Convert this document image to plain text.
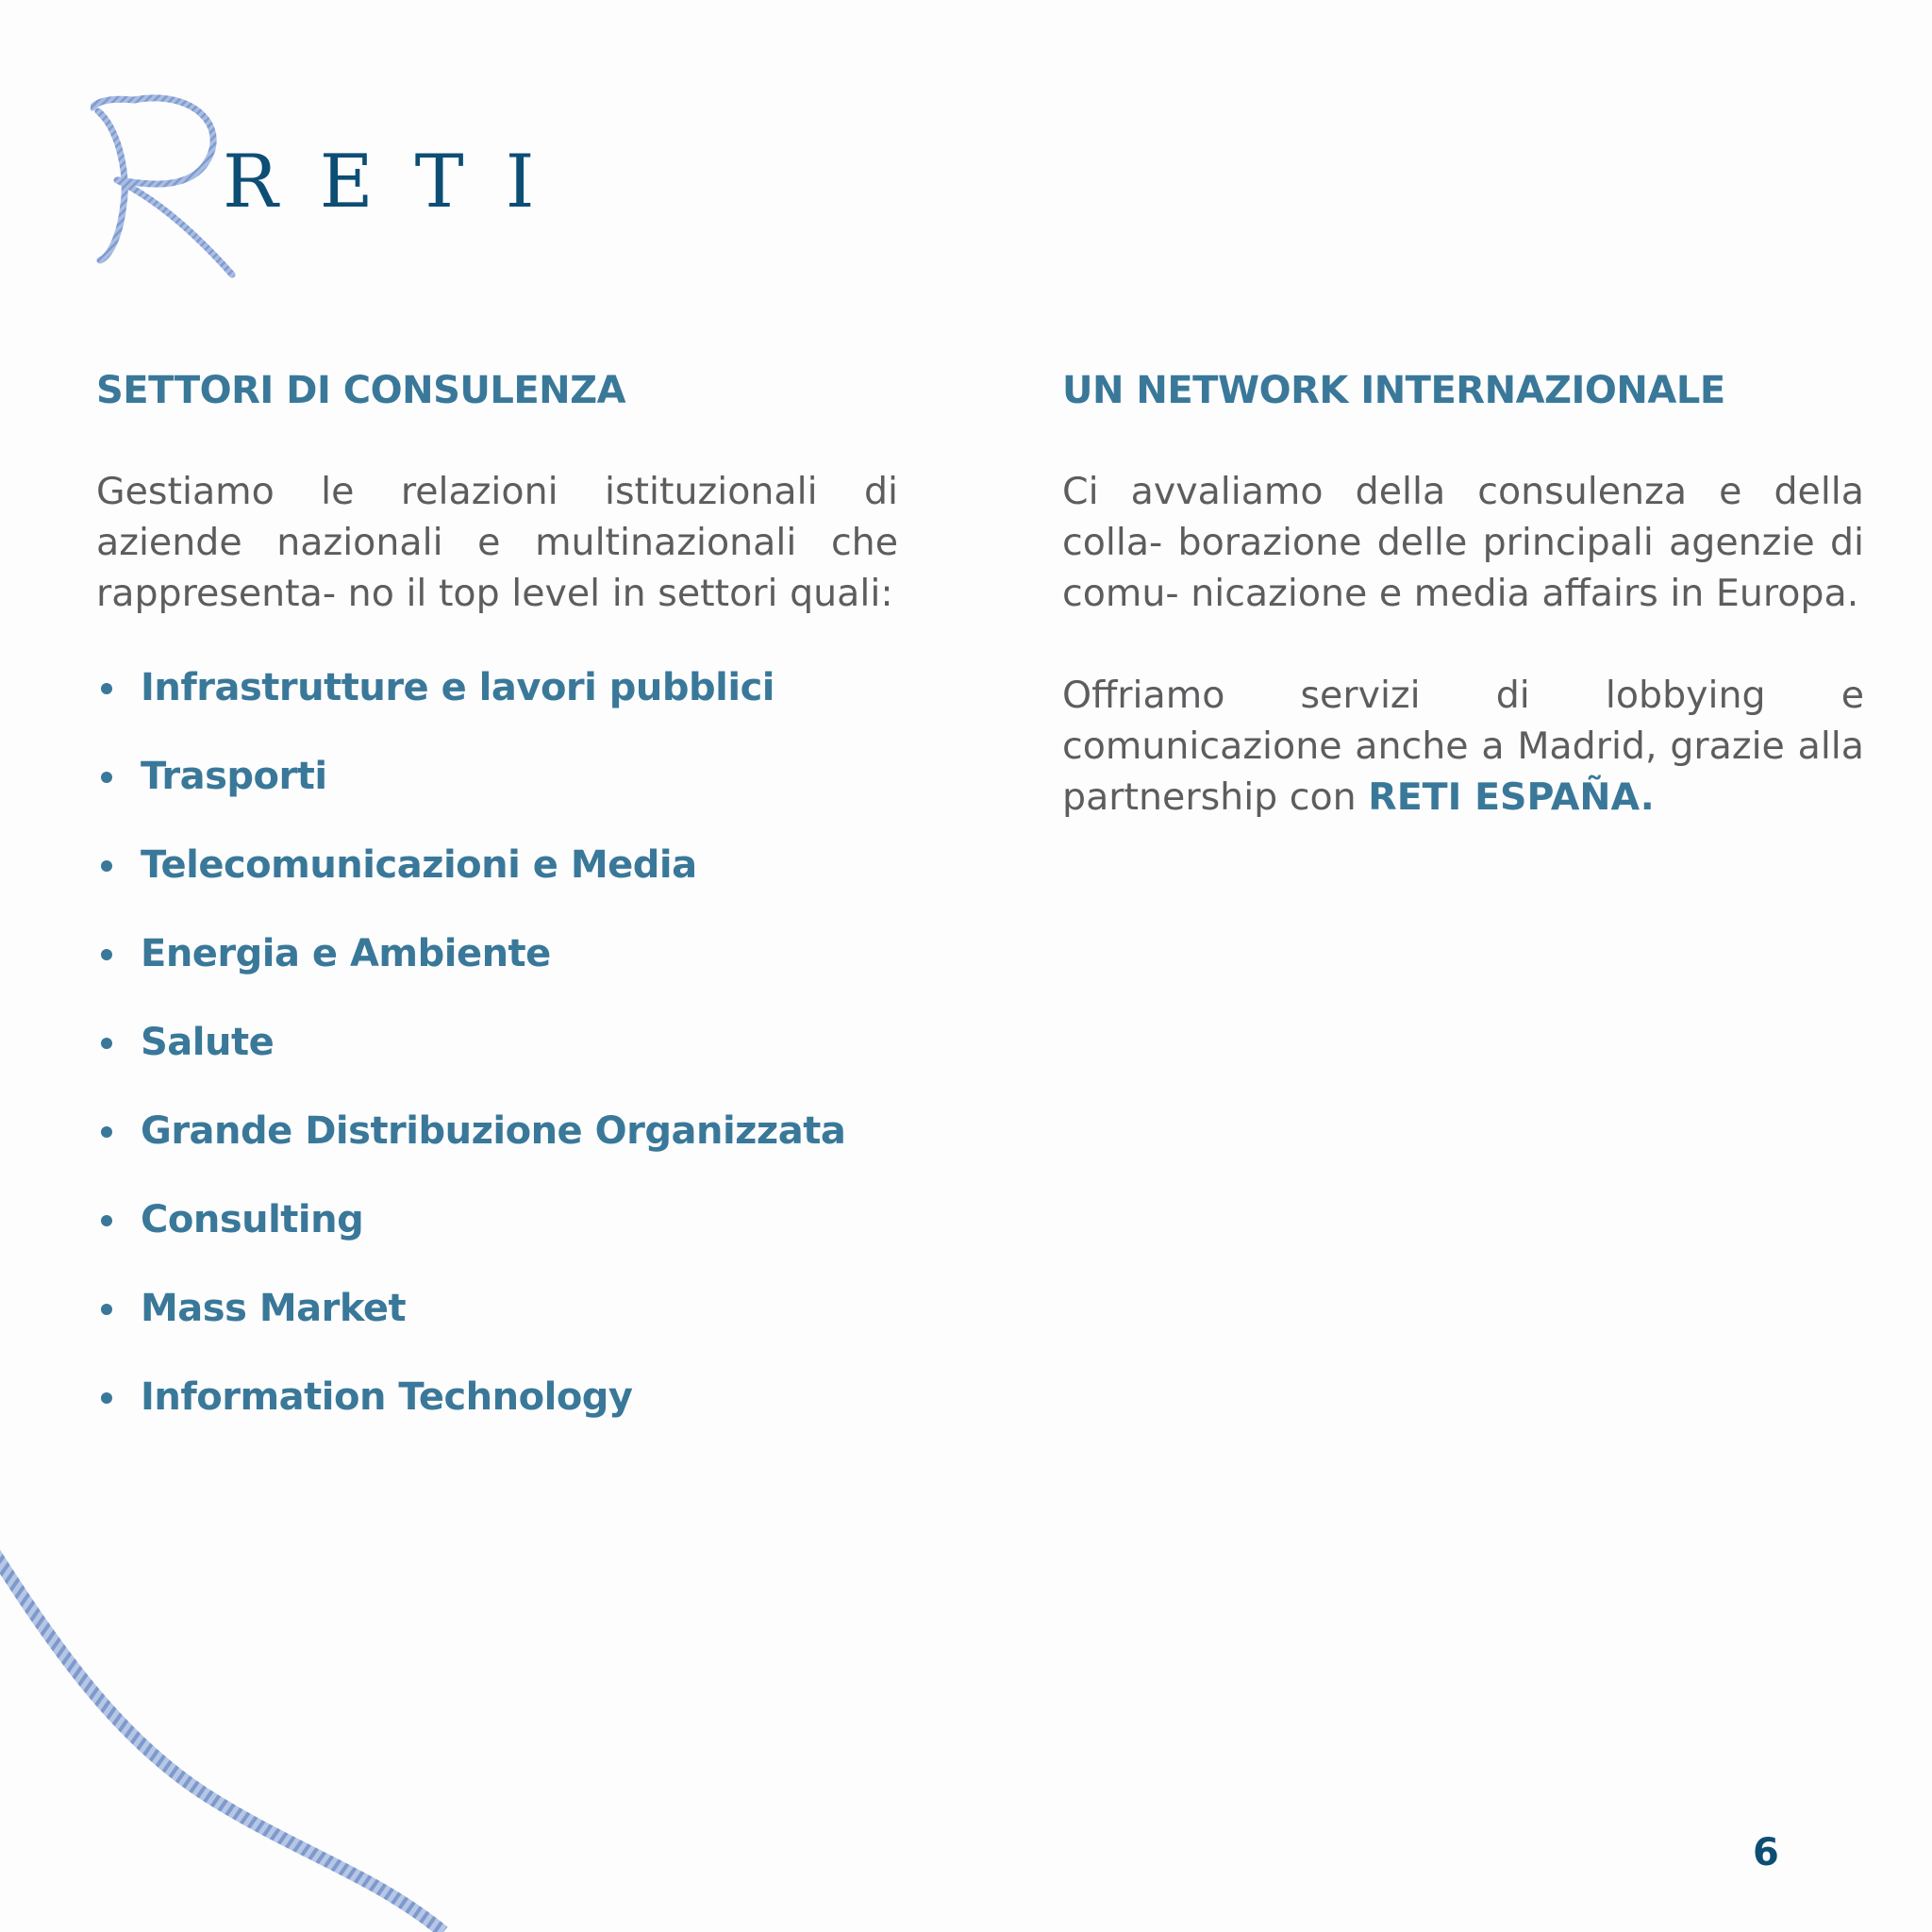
RETI
SETTORI DI CONSULENZA

Gestiamo le relazioni istituzionali di aziende nazionali e multinazionali che rappresenta- no il top level in settori quali:

Infrastrutture e lavori pubblici
Trasporti
Telecomunicazioni e Media
Energia e Ambiente
Salute
Grande Distribuzione Organizzata
Consulting
Mass Market
Information Technology
UN NETWORK INTERNAZIONALE

Ci avvaliamo della consulenza e della colla- borazione delle principali agenzie di comu- nicazione e media affairs in Europa.

Offriamo servizi di lobbying e comunicazione anche a Madrid, grazie alla partnership con RETI ESPAÑA.

6
